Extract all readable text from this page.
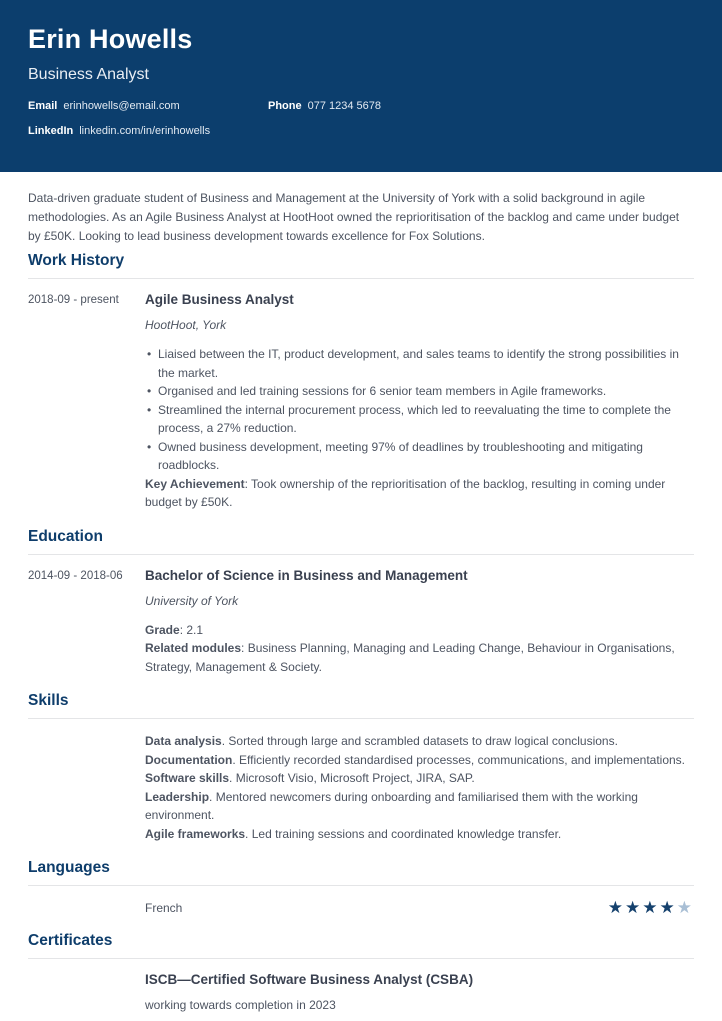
Erin Howells
Business Analyst
Email erinhowells@email.com	Phone 077 1234 5678
LinkedIn linkedin.com/in/erinhowells

Data-driven graduate student of Business and Management at the University of York with a solid background in agile methodologies. As an Agile Business Analyst at HootHoot owned the reprioritisation of the backlog and came under budget by £50K. Looking to lead business development towards excellence for Fox Solutions.

Work History
2018-09 - present	Agile Business Analyst
HootHoot, York
• Liaised between the IT, product development, and sales teams to identify the strong possibilities in the market.
• Organised and led training sessions for 6 senior team members in Agile frameworks.
• Streamlined the internal procurement process, which led to reevaluating the time to complete the process, a 27% reduction.
• Owned business development, meeting 97% of deadlines by troubleshooting and mitigating roadblocks.

Key Achievement: Took ownership of the reprioritisation of the backlog, resulting in coming under budget by £50K.

Education
2014-09 - 2018-06	Bachelor of Science in Business and Management
University of York

Grade: 2.1

Related modules: Business Planning, Managing and Leading Change, Behaviour in Organisations, Strategy, Management & Society.

Skills

Data analysis. Sorted through large and scrambled datasets to draw logical conclusions.

Documentation. Efficiently recorded standardised processes, communications, and implementations.

Software skills. Microsoft Visio, Microsoft Project, JIRA, SAP.

Leadership. Mentored newcomers during onboarding and familiarised them with the working environment.

Agile frameworks. Led training sessions and coordinated knowledge transfer.

Languages
French	★★★★★
Certificates
ISCB—Certified Software Business Analyst (CSBA)

working towards completion in 2023
